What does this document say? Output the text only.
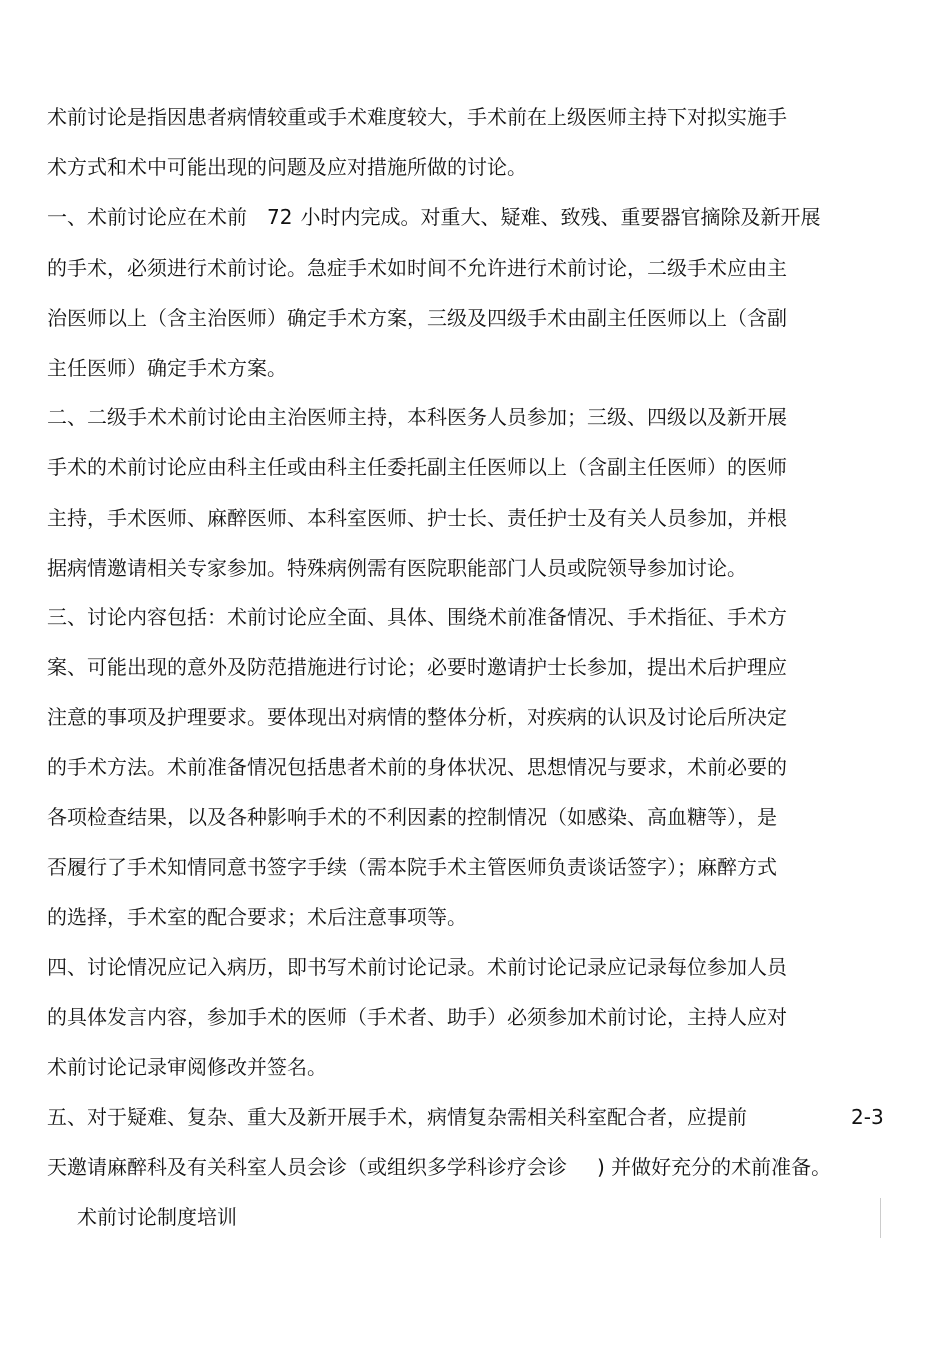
术前讨论是指因患者病情较重或手术难度较大，手术前在上级医师主持下对拟实施手
术方式和术中可能出现的问题及应对措施所做的讨论。
一、术前讨论应在术前 72 小时内完成。对重大、疑难、致残、重要器官摘除及新开展
的手术，必须进行术前讨论。急症手术如时间不允许进行术前讨论，二级手术应由主
治医师以上（含主治医师）确定手术方案，三级及四级手术由副主任医师以上（含副
主任医师）确定手术方案。
二、二级手术术前讨论由主治医师主持，本科医务人员参加；三级、四级以及新开展
手术的术前讨论应由科主任或由科主任委托副主任医师以上（含副主任医师）的医师
主持，手术医师、麻醉医师、本科室医师、护士长、责任护士及有关人员参加，并根
据病情邀请相关专家参加。特殊病例需有医院职能部门人员或院领导参加讨论。
三、讨论内容包括：术前讨论应全面、具体、围绕术前准备情况、手术指征、手术方
案、可能出现的意外及防范措施进行讨论；必要时邀请护士长参加，提出术后护理应
注意的事项及护理要求。要体现出对病情的整体分析，对疾病的认识及讨论后所决定
的手术方法。术前准备情况包括患者术前的身体状况、思想情况与要求，术前必要的
各项检查结果，以及各种影响手术的不利因素的控制情况（如感染、高血糖等），是
否履行了手术知情同意书签字手续（需本院手术主管医师负责谈话签字）；麻醉方式
的选择，手术室的配合要求；术后注意事项等。
四、讨论情况应记入病历，即书写术前讨论记录。术前讨论记录应记录每位参加人员
的具体发言内容，参加手术的医师（手术者、助手）必须参加术前讨论，主持人应对
术前讨论记录审阅修改并签名。
五、对于疑难、复杂、重大及新开展手术，病情复杂需相关科室配合者，应提前	2-3
天邀请麻醉科及有关科室人员会诊（或组织多学科诊疗会诊 ) 并做好充分的术前准备。
术前讨论制度培训
